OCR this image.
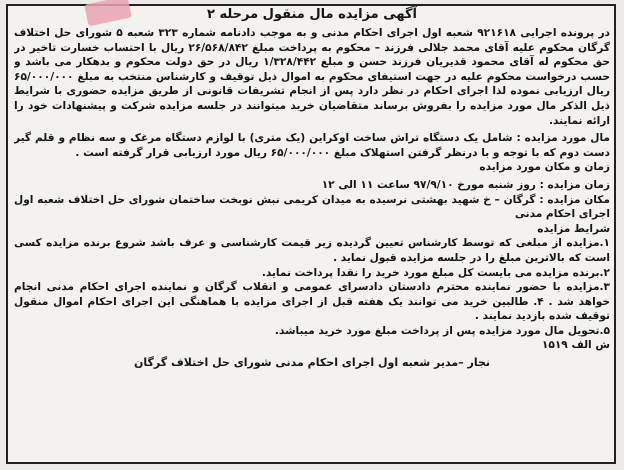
آگهی مزایده مال منقول مرحله ۲

در پرونده اجرایی ۹۲۱۶۱۸ شعبه اول اجرای احکام مدنی و به موجب دادنامه شماره ۳۲۳ شعبه ۵ شورای حل اختلاف گرگان محکوم علیه آقای محمد جلالی فرزند – محکوم به پرداخت مبلغ ۲۶/۵۶۸/۸۴۲ ریال با احتساب خسارت تاخیر در حق محکوم له آقای محمود قدیریان فرزند حسن و مبلغ ۱/۳۲۸/۴۴۲ ریال در حق دولت محکوم و بدهکار می باشد و حسب درخواست محکوم علیه در جهت استیفای محکوم به اموال ذیل توقیف و کارشناس منتخب به مبلغ ۶۵/۰۰۰/۰۰۰ ریال ارزیابی نموده لذا اجرای احکام در نظر دارد پس از انجام تشریفات قانونی از طریق مزایده حضوری با شرایط ذیل الذکر مال مورد مزایده را بفروش برساند متقاضیان خرید میتوانند در جلسه مزایده شرکت و پیشنهادات خود را ارائه نمایند.

مال مورد مزایده : شامل یک دستگاه تراش ساخت اوکراین (یک متری) با لوازم دستگاه مرغک و سه نظام و قلم گیر دست دوم که با توجه و با درنظر گرفتن استهلاک مبلغ ۶۵/۰۰۰/۰۰۰ ریال مورد ارزیابی قرار گرفته است .

زمان و مکان مورد مزایده

زمان مزایده : روز شنبه مورخ ۹۷/۹/۱۰ ساعت ۱۱ الی ۱۲

مکان مزایده : گرگان – خ شهید بهشتی نرسیده به میدان کریمی نبش نوبخت ساختمان شورای حل اختلاف شعبه اول اجرای احکام مدنی

شرایط مزایده

۱.مزایده از مبلغی که توسط کارشناس تعیین گردیده زیر قیمت کارشناسی و عرف باشد شروع برنده مزایده کسی است که بالاترین مبلغ را در جلسه مزایده قبول نماید .

۲.برنده مزایده می بایست کل مبلغ مورد خرید را نقدا پرداخت نماید.

۳.مزایده با حضور نماینده محترم دادستان دادسرای عمومی و انقلاب گرگان و نماینده اجرای احکام مدنی انجام خواهد شد . ۴. طالبین خرید می توانند یک هفته قبل از اجرای مزایده با هماهنگی این اجرای احکام اموال منقول توقیف شده بازدید نمایند .

۵.تحویل مال مورد مزایده پس از پرداخت مبلغ مورد خرید میباشد.

ش الف ۱۵۱۹
نجار –مدیر شعبه اول اجرای احکام مدنی شورای حل اختلاف گرگان
